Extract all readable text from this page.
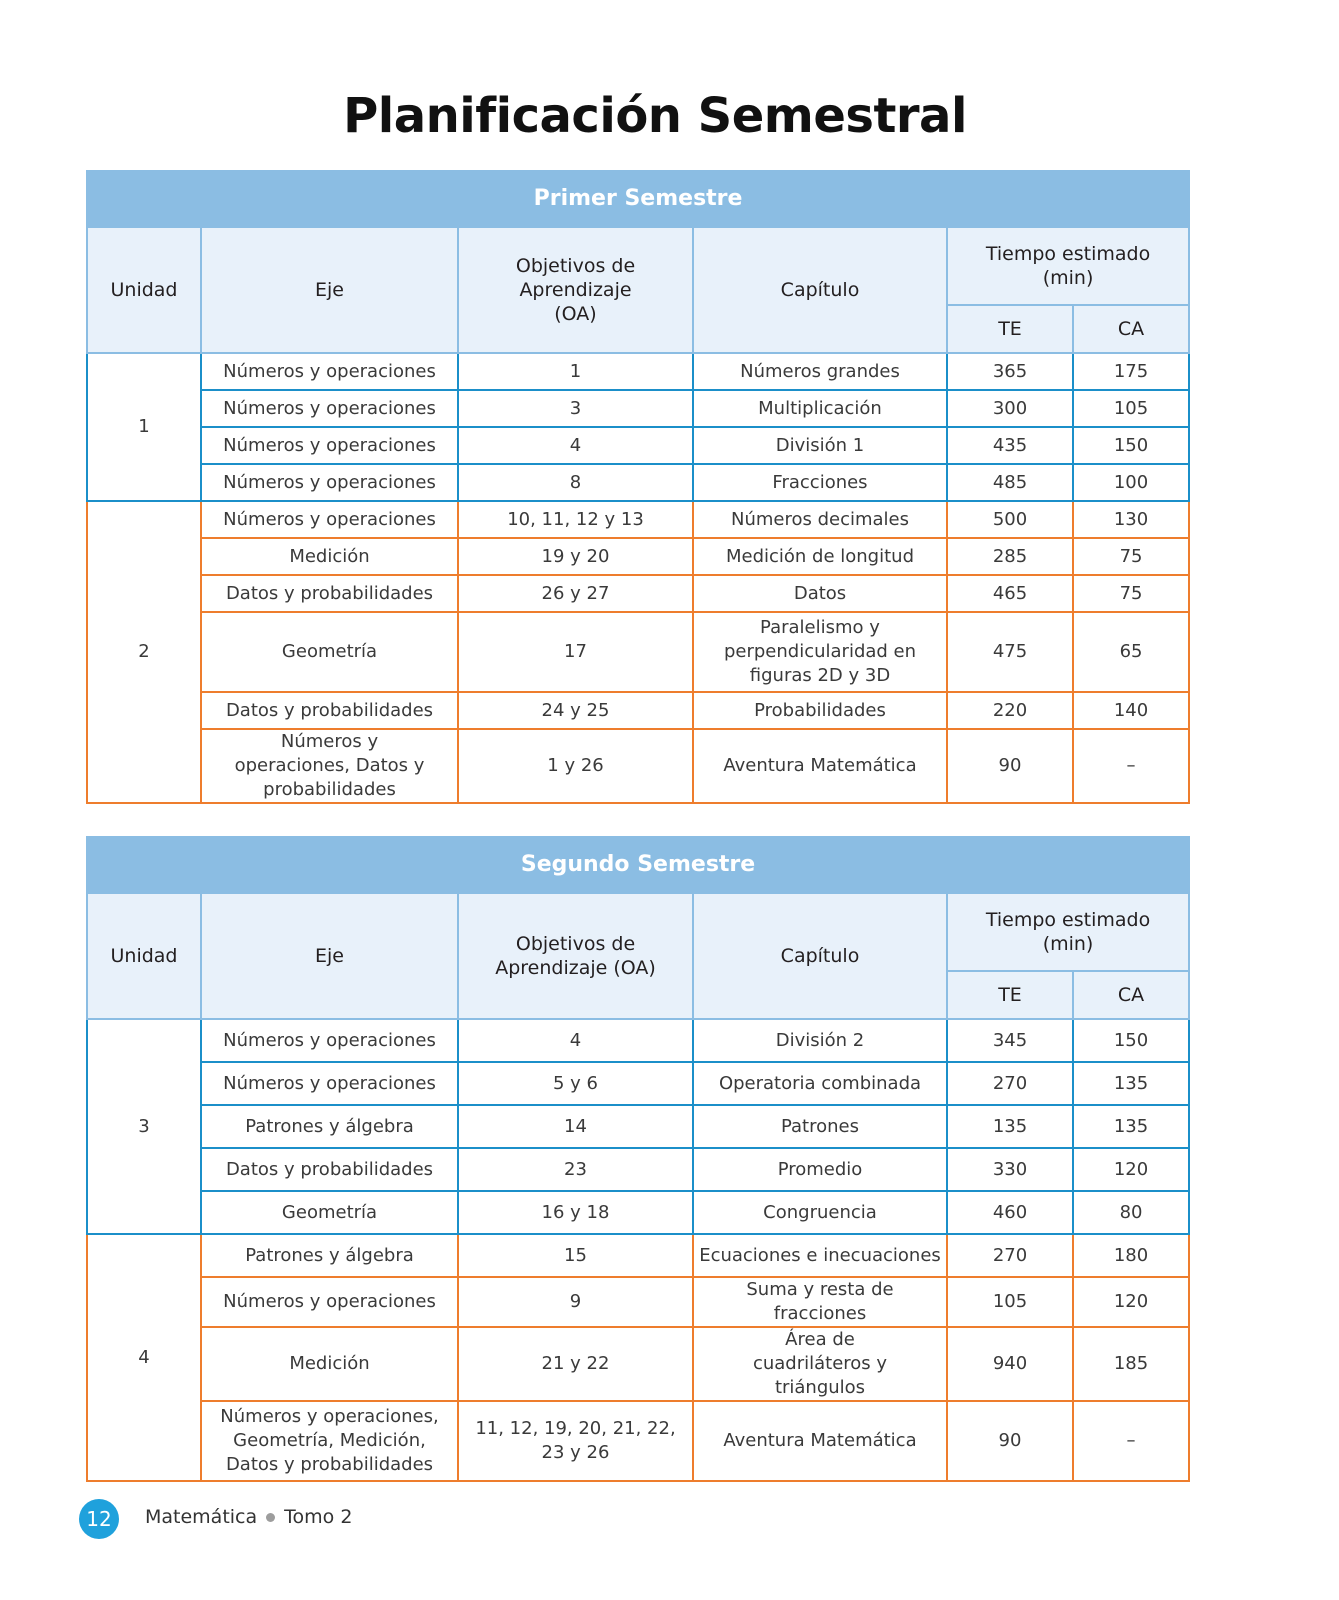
Planificación Semestral
Primer Semestre					
Unidad	Eje	Objetivos de Aprendizaje (OA)	Capítulo	Tiempo estimado (min)	
				TE	CA
1	Números y operaciones	1	Números grandes	365	175
	Números y operaciones	3	Multiplicación	300	105
	Números y operaciones	4	División 1	435	150
	Números y operaciones	8	Fracciones	485	100
2	Números y operaciones	10, 11, 12 y 13	Números decimales	500	130
	Medición	19 y 20	Medición de longitud	285	75
	Datos y probabilidades	26 y 27	Datos	465	75
	Geometría	17	Paralelismo y perpendicularidad en figuras 2D y 3D	475	65
	Datos y probabilidades	24 y 25	Probabilidades	220	140
	Números y operaciones, Datos y probabilidades	1 y 26	Aventura Matemática	90	–
Segundo Semestre					
Unidad	Eje	Objetivos de Aprendizaje (OA)	Capítulo	Tiempo estimado (min)	
				TE	CA
3	Números y operaciones	4	División 2	345	150
	Números y operaciones	5 y 6	Operatoria combinada	270	135
	Patrones y álgebra	14	Patrones	135	135
	Datos y probabilidades	23	Promedio	330	120
	Geometría	16 y 18	Congruencia	460	80
4	Patrones y álgebra	15	Ecuaciones e inecuaciones	270	180
	Números y operaciones	9	Suma y resta de fracciones	105	120
	Medición	21 y 22	Área de cuadriláteros y triángulos	940	185
	Números y operaciones, Geometría, Medición, Datos y probabilidades	11, 12, 19, 20, 21, 22, 23 y 26	Aventura Matemática	90	–
12 Matemática Tomo 2
